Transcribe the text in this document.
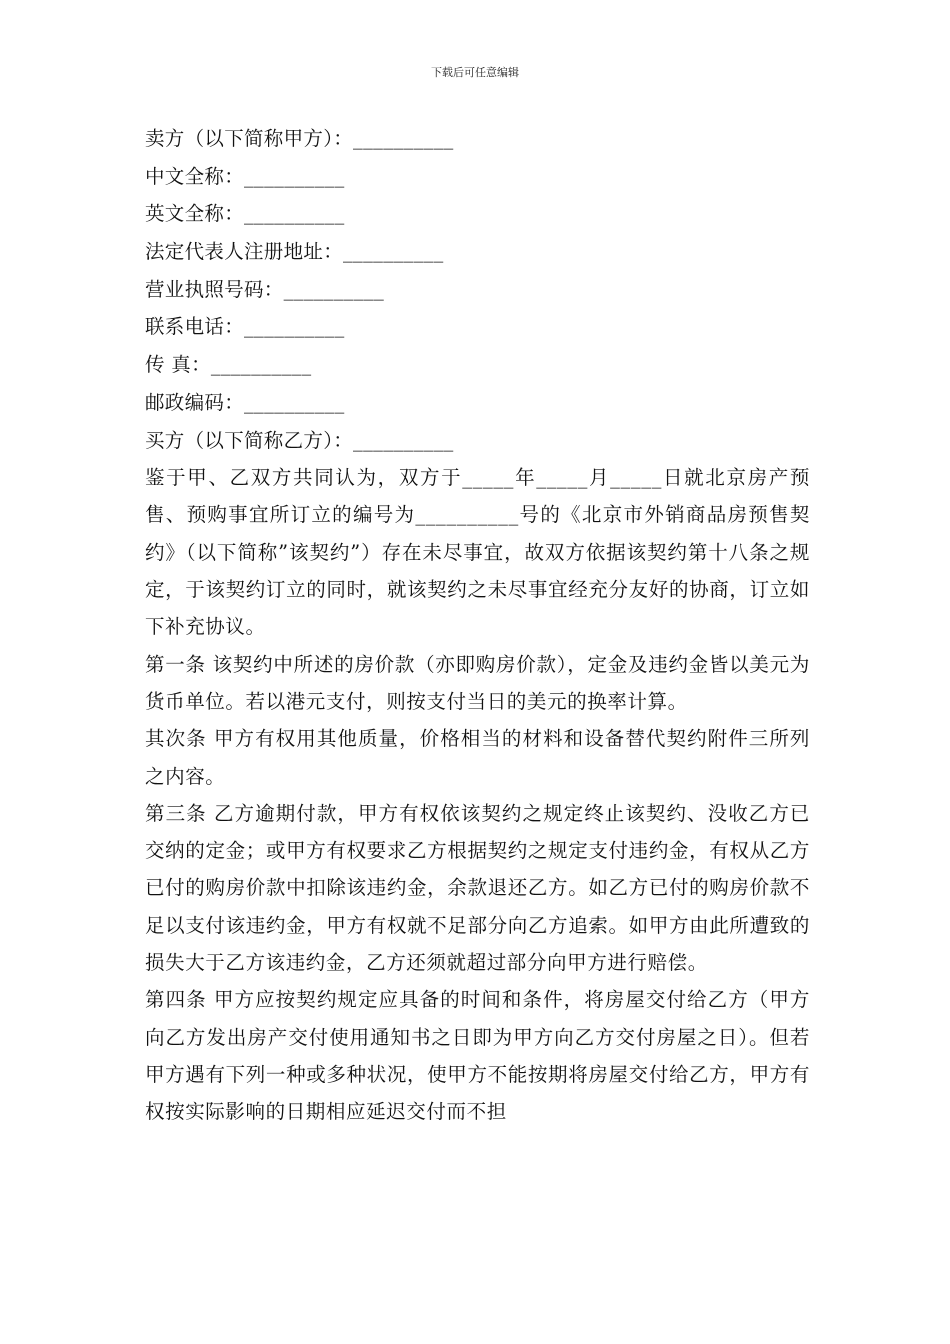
下载后可任意编辑
卖方（以下简称甲方）：__________
中文全称：__________
英文全称：__________
法定代表人注册地址：__________
营业执照号码：__________
联系电话：__________
传 真：__________
邮政编码：__________
买方（以下简称乙方）：__________

鉴于甲、乙双方共同认为，双方于_____年_____月_____日就北京房产预售、预购事宜所订立的编号为__________号的《北京市外销商品房预售契约》（以下简称”该契约”）存在未尽事宜，故双方依据该契约第十八条之规定，于该契约订立的同时，就该契约之未尽事宜经充分友好的协商，订立如下补充协议。

第一条 该契约中所述的房价款（亦即购房价款），定金及违约金皆以美元为货币单位。若以港元支付，则按支付当日的美元的换率计算。

其次条 甲方有权用其他质量，价格相当的材料和设备替代契约附件三所列之内容。

第三条 乙方逾期付款，甲方有权依该契约之规定终止该契约、没收乙方已交纳的定金；或甲方有权要求乙方根据契约之规定支付违约金，有权从乙方已付的购房价款中扣除该违约金，余款退还乙方。如乙方已付的购房价款不足以支付该违约金，甲方有权就不足部分向乙方追索。如甲方由此所遭致的损失大于乙方该违约金，乙方还须就超过部分向甲方进行赔偿。

第四条 甲方应按契约规定应具备的时间和条件，将房屋交付给乙方（甲方向乙方发出房产交付使用通知书之日即为甲方向乙方交付房屋之日）。但若甲方遇有下列一种或多种状况，使甲方不能按期将房屋交付给乙方，甲方有权按实际影响的日期相应延迟交付而不担
